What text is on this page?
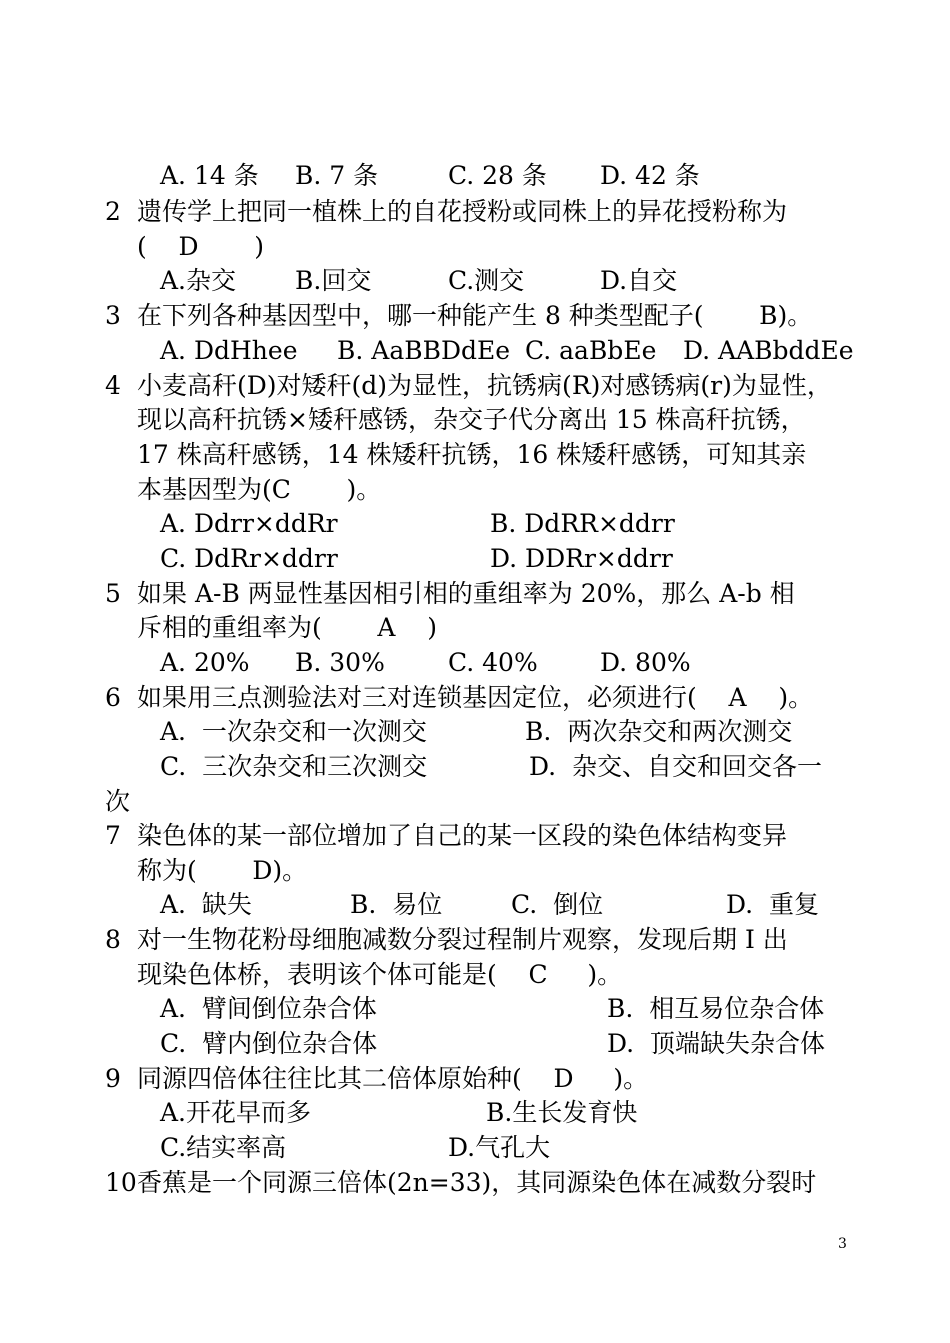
A. 14 条 B. 7 条	C. 28 条 D. 42 条
2 遗传学上把同一植株上的自花授粉或同株上的异花授粉称为
(    D       )
A.杂交 B.回交	C.测交	D.自交
3 在下列各种基因型中，哪一种能产生 8 种类型配子(       B)。
A. DdHhee B. AaBBDdEe C. aaBbEe D. AABbddEe
4 小麦高秆(D)对矮秆(d)为显性，抗锈病(R)对感锈病(r)为显性，
现以高秆抗锈×矮秆感锈，杂交子代分离出 15 株高秆抗锈，
17 株高秆感锈，14 株矮秆抗锈，16 株矮秆感锈，可知其亲
本基因型为(C       )。
A. Ddrr×ddRr	B. DdRR×ddrr
C. DdRr×ddrr	D. DDRr×ddrr
5 如果 A-B 两显性基因相引相的重组率为 20%，那么 A-b 相
斥相的重组率为(       A    )
A. 20% B. 30%	C. 40% D. 80%
6 如果用三点测验法对三对连锁基因定位，必须进行(    A    )。
A.  一次杂交和一次测交	B.  两次杂交和两次测交
C.  三次杂交和三次测交	D.  杂交、自交和回交各一
次
7 染色体的某一部位增加了自己的某一区段的染色体结构变异
称为(       D)。
A.  缺失	B.  易位	C.  倒位	D.  重复
8 对一生物花粉母细胞减数分裂过程制片观察，发现后期 I 出
现染色体桥，表明该个体可能是(    C     )。
A.  臂间倒位杂合体	B.  相互易位杂合体
C.  臂内倒位杂合体	D.  顶端缺失杂合体
9 同源四倍体往往比其二倍体原始种(    D     )。
A.开花早而多	B.生长发育快
C.结实率高	D.气孔大
10 香蕉是一个同源三倍体(2n=33)，其同源染色体在减数分裂时
3
